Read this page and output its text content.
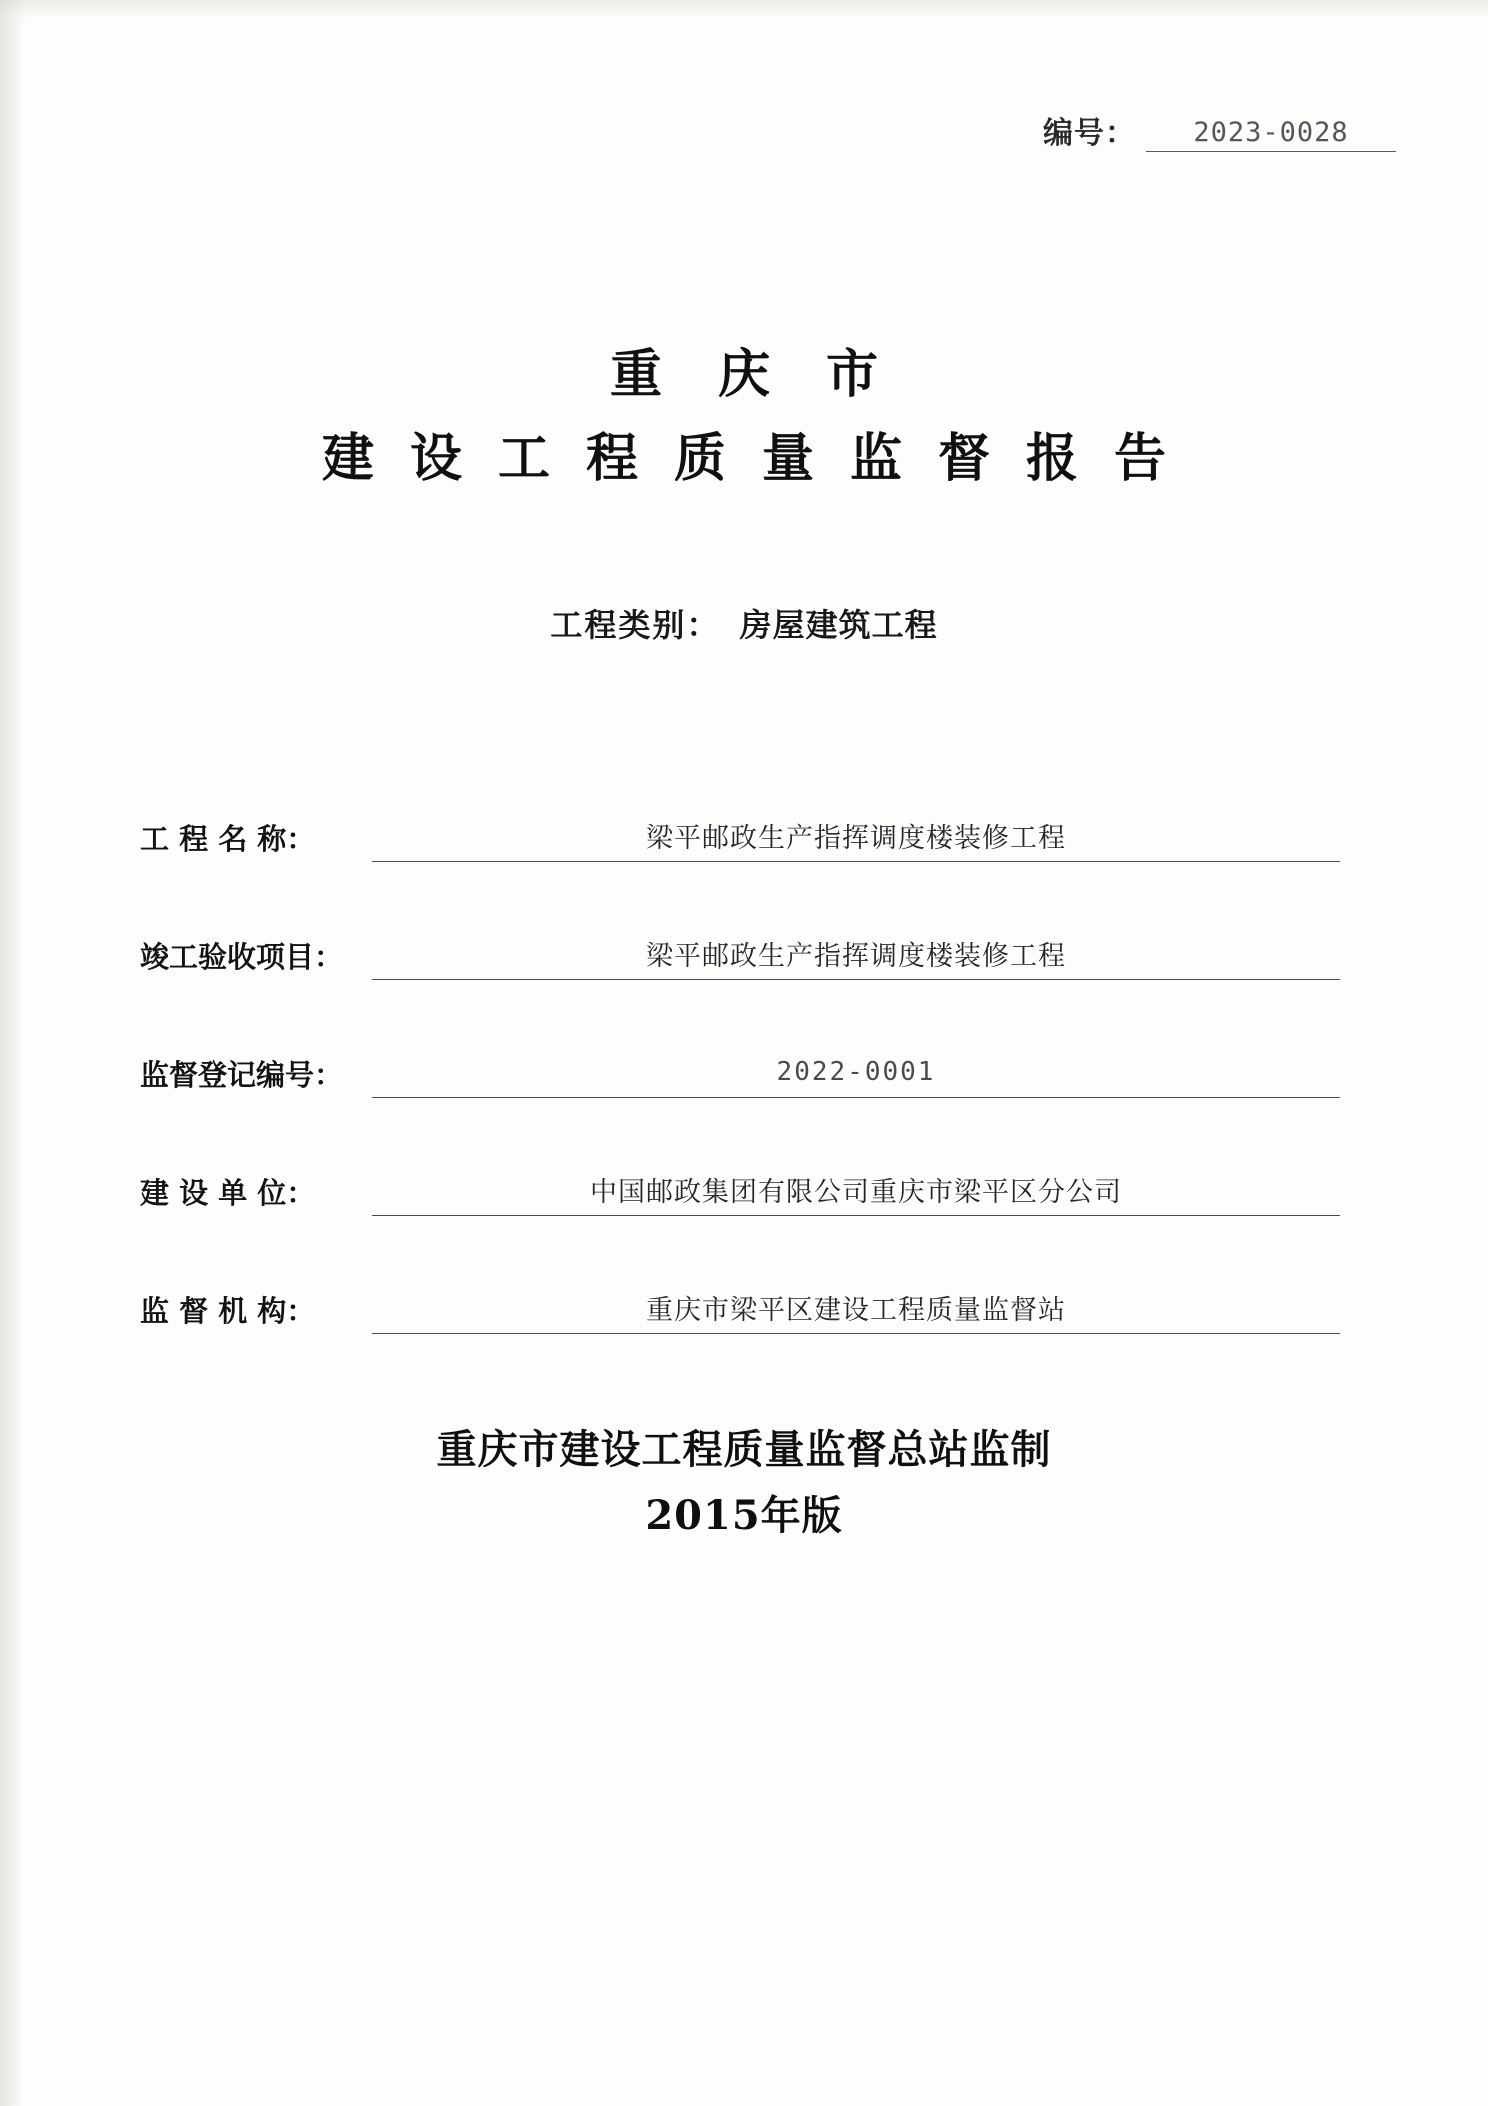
编号：	2023-0028
重庆市
建设工程质量监督报告
工程类别： 房屋建筑工程
工 程 名 称：	梁平邮政生产指挥调度楼装修工程
竣工验收项目：	梁平邮政生产指挥调度楼装修工程
监督登记编号：	2022-0001
建 设 单 位：	中国邮政集团有限公司重庆市梁平区分公司
监 督 机 构：	重庆市梁平区建设工程质量监督站
重庆市建设工程质量监督总站监制
2015年版
